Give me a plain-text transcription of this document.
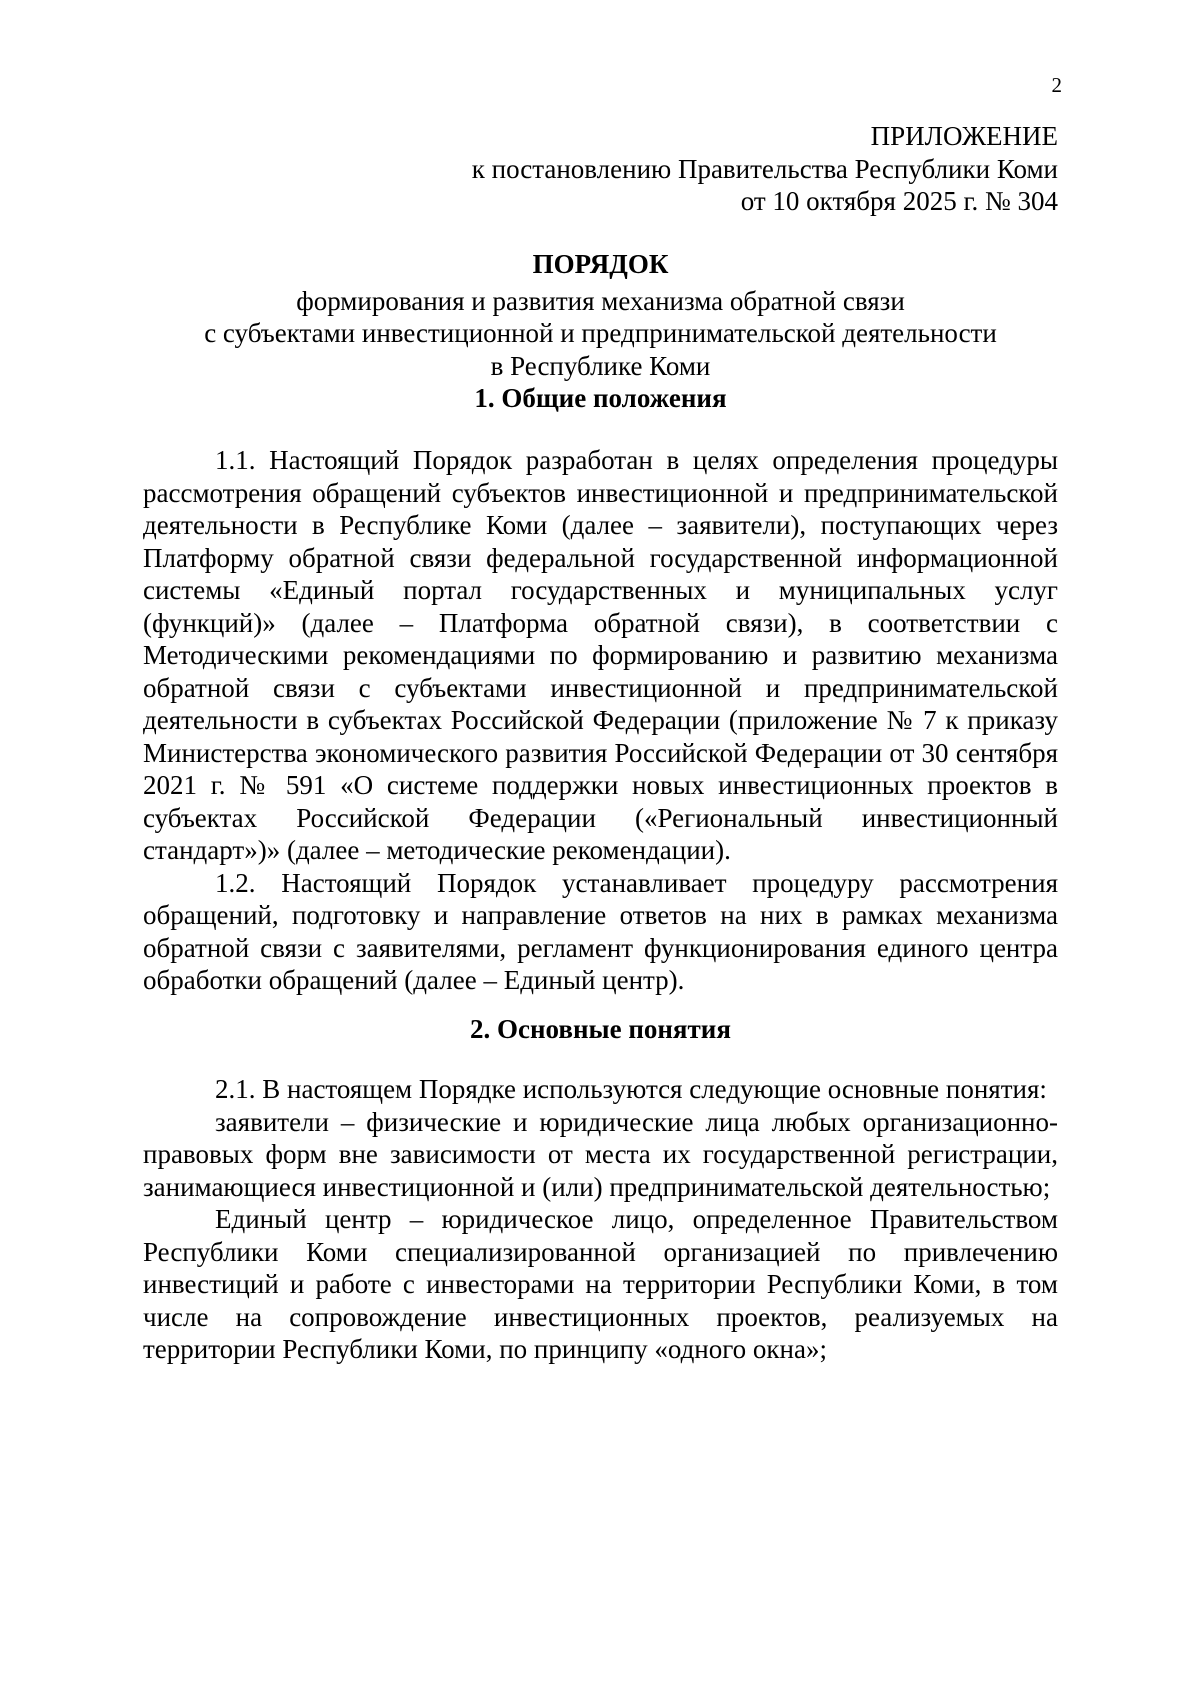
2
ПРИЛОЖЕНИЕ
к постановлению Правительства Республики Коми
от 10 октября 2025 г. № 304
ПОРЯДОК
формирования и развития механизма обратной связи
с субъектами инвестиционной и предпринимательской деятельности
в Республике Коми
1. Общие положения

1.1. Настоящий Порядок разработан в целях определения процедуры рассмотрения обращений субъектов инвестиционной и предпринимательской деятельности в Республике Коми (далее – заявители), поступающих через Платформу обратной связи федеральной государственной информационной системы «Единый портал государственных и муниципальных услуг (функций)» (далее – Платформа обратной связи), в соответствии с Методическими рекомендациями по формированию и развитию механизма обратной связи с субъектами инвестиционной и предпринимательской деятельности в субъектах Российской Федерации (приложение № 7 к приказу Министерства экономического развития Российской Федерации от 30 сентября 2021 г. № 591 «О системе поддержки новых инвестиционных проектов в субъектах Российской Федерации («Региональный инвестиционный стандарт»)» (далее – методические рекомендации).

1.2. Настоящий Порядок устанавливает процедуру рассмотрения обращений, подготовку и направление ответов на них в рамках механизма обратной связи с заявителями, регламент функционирования единого центра обработки обращений (далее – Единый центр).

2. Основные понятия

2.1. В настоящем Порядке используются следующие основные понятия:

заявители – физические и юридические лица любых организационно-правовых форм вне зависимости от места их государственной регистрации, занимающиеся инвестиционной и (или) предпринимательской деятельностью;

Единый центр – юридическое лицо, определенное Правительством Республики Коми специализированной организацией по привлечению инвестиций и работе с инвесторами на территории Республики Коми, в том числе на сопровождение инвестиционных проектов, реализуемых на территории Республики Коми, по принципу «одного окна»;
